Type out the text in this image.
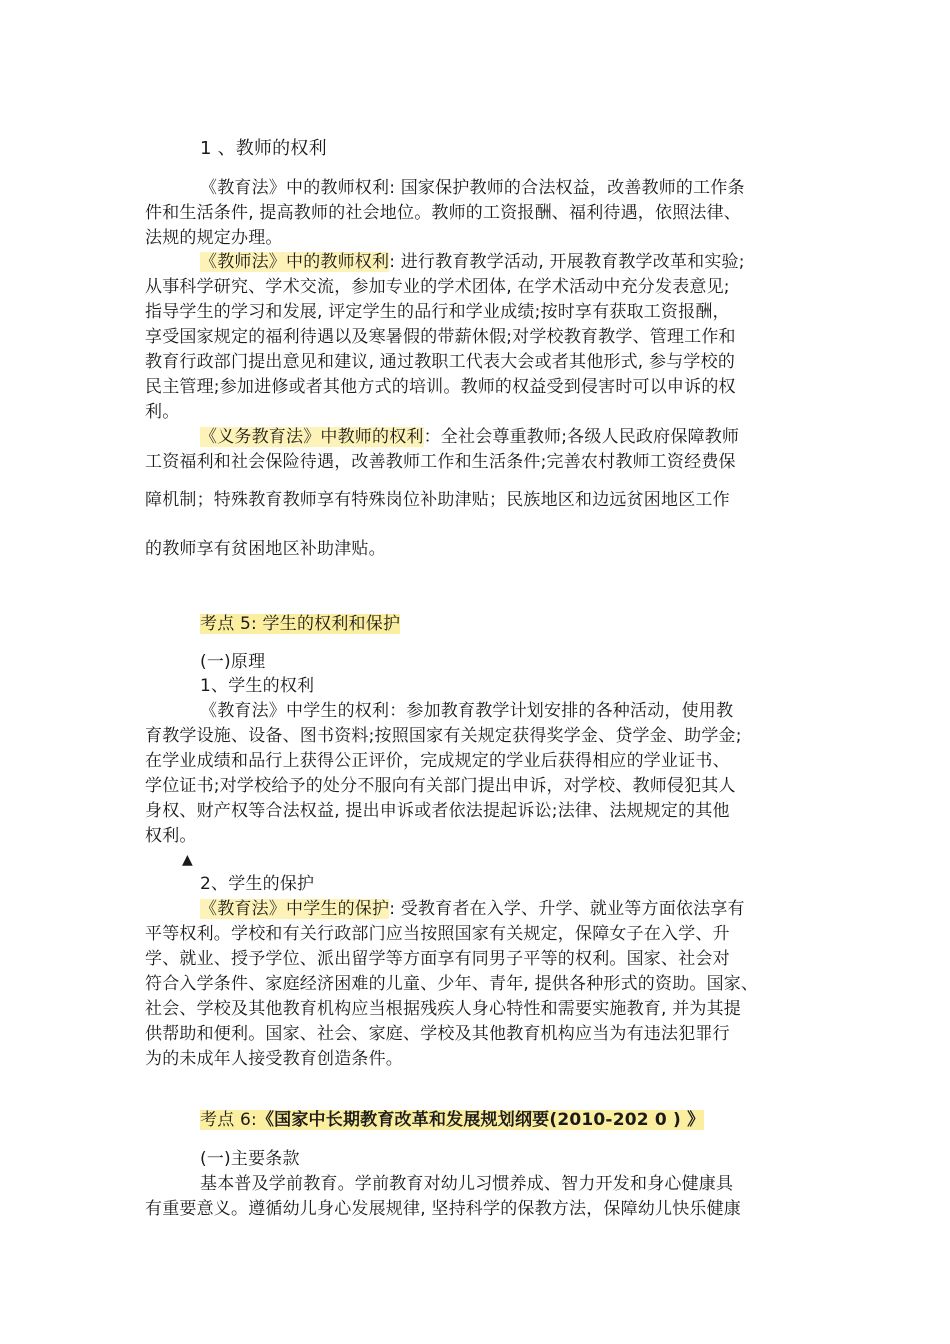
1 、教师的权利
《教育法》中的教师权利: 国家保护教师的合法权益，改善教师的工作条
件和生活条件, 提高教师的社会地位。教师的工资报酬、福利待遇，依照法律、
法规的规定办理。
《教师法》中的教师权利: 进行教育教学活动, 开展教育教学改革和实验;
从事科学研究、学术交流，参加专业的学术团体, 在学术活动中充分发表意见;
指导学生的学习和发展, 评定学生的品行和学业成绩;按时享有获取工资报酬，
享受国家规定的福利待遇以及寒暑假的带薪休假;对学校教育教学、管理工作和
教育行政部门提出意见和建议, 通过教职工代表大会或者其他形式, 参与学校的
民主管理;参加进修或者其他方式的培训。教师的权益受到侵害时可以申诉的权
利。
《义务教育法》中教师的权利：全社会尊重教师;各级人民政府保障教师
工资福利和社会保险待遇，改善教师工作和生活条件;完善农村教师工资经费保
障机制；特殊教育教师享有特殊岗位补助津贴；民族地区和边远贫困地区工作
的教师享有贫困地区补助津贴。
考点 5: 学生的权利和保护
(一)原理
1、学生的权利
《教育法》中学生的权利：参加教育教学计划安排的各种活动，使用教
育教学设施、设备、图书资料;按照国家有关规定获得奖学金、贷学金、助学金;
在学业成绩和品行上获得公正评价，完成规定的学业后获得相应的学业证书、
学位证书;对学校给予的处分不服向有关部门提出申诉，对学校、教师侵犯其人
身权、财产权等合法权益, 提出申诉或者依法提起诉讼;法律、法规规定的其他
权利。
▲
2、学生的保护
《教育法》中学生的保护: 受教育者在入学、升学、就业等方面依法享有
平等权利。学校和有关行政部门应当按照国家有关规定，保障女子在入学、升
学、就业、授予学位、派出留学等方面享有同男子平等的权利。国家、社会对
符合入学条件、家庭经济困难的儿童、少年、青年, 提供各种形式的资助。国家、
社会、学校及其他教育机构应当根据残疾人身心特性和需要实施教育, 并为其提
供帮助和便利。国家、社会、家庭、学校及其他教育机构应当为有违法犯罪行
为的未成年人接受教育创造条件。
考点 6:《国家中长期教育改革和发展规划纲要(2010-202 0 ) 》
(一)主要条款
基本普及学前教育。学前教育对幼儿习惯养成、智力开发和身心健康具
有重要意义。遵循幼儿身心发展规律, 坚持科学的保教方法，保障幼儿快乐健康
